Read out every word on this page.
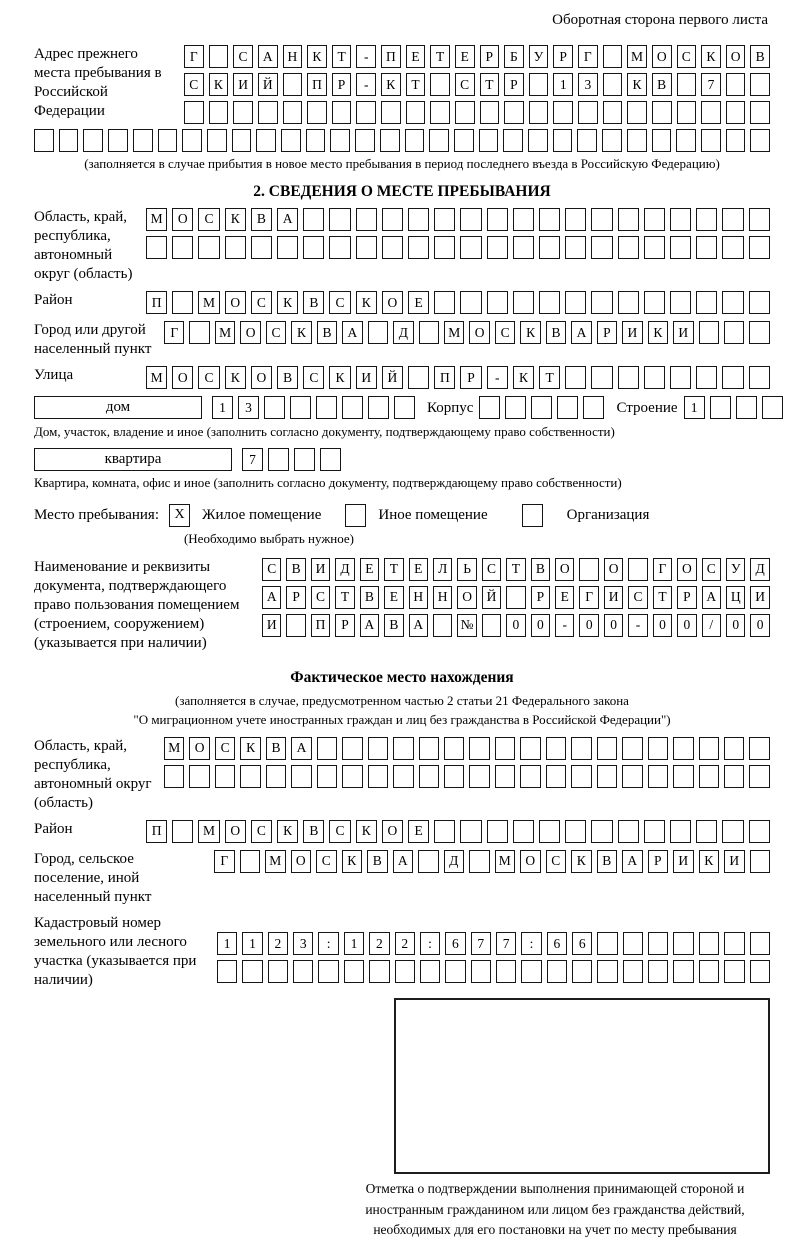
Оборотная сторона первого листа
Адрес прежнего места пребывания в Российской Федерации
Г	С	А	Н	К	Т	-	П	Е	Т	Е	Р	Б	У	Р	Г	М	О	С	К	О	В
С	К	И	Й	П	Р	-	К	Т	С	Т	Р	1	3	К	В	7
(заполняется в случае прибытия в новое место пребывания в период последнего въезда в Российскую Федерацию)
2. СВЕДЕНИЯ О МЕСТЕ ПРЕБЫВАНИЯ
Область, край, республика, автономный округ (область)
М	О	С	К	В	А
Район	П	М	О	С	К	В	С	К	О	Е
Город или другой населенный пункт
Г	М	О	С	К	В	А	Д	М	О	С	К	В	А	Р	И	К	И
Улица	М	О	С	К	О	В	С	К	И	Й	П	Р	-	К	Т
дом	1	3	Корпус	Строение 1
Дом, участок, владение и иное (заполнить согласно документу, подтверждающему право собственности)
квартира	7
Квартира, комната, офис и иное (заполнить согласно документу, подтверждающему право собственности)
Место пребывания:	X	Жилое помещение	Иное помещение	Организация
(Необходимо выбрать нужное)
Наименование и реквизиты документа, подтверждающего право пользования помещением (строением, сооружением) (указывается при наличии)
С	В	И	Д	Е	Т	Е	Л	Ь	С	Т	В	О	О	Г	О	С	У	Д
А	Р	С	Т	В	Е	Н	Н	О	Й	Р	Е	Г	И	С	Т	Р	А	Ц	И
И	П	Р	А	В	А	№	0	0	-	0	0	-	0	0	/	0	0
Фактическое место нахождения
(заполняется в случае, предусмотренном частью 2 статьи 21 Федерального закона
"О миграционном учете иностранных граждан и лиц без гражданства в Российской Федерации")
Область, край, республика, автономный округ (область)
М	О	С	К	В	А
Район	П	М	О	С	К	В	С	К	О	Е
Город, сельское поселение, иной населенный пункт
Г	М	О	С	К	В	А	Д	М	О	С	К	В	А	Р	И	К	И
Кадастровый номер земельного или лесного участка (указывается при наличии)
1	1	2	3	:	1	2	2	:	6	7	7	:	6	6
Отметка о подтверждении выполнения принимающей стороной и иностранным гражданином или лицом без гражданства действий, необходимых для его постановки на учет по месту пребывания
